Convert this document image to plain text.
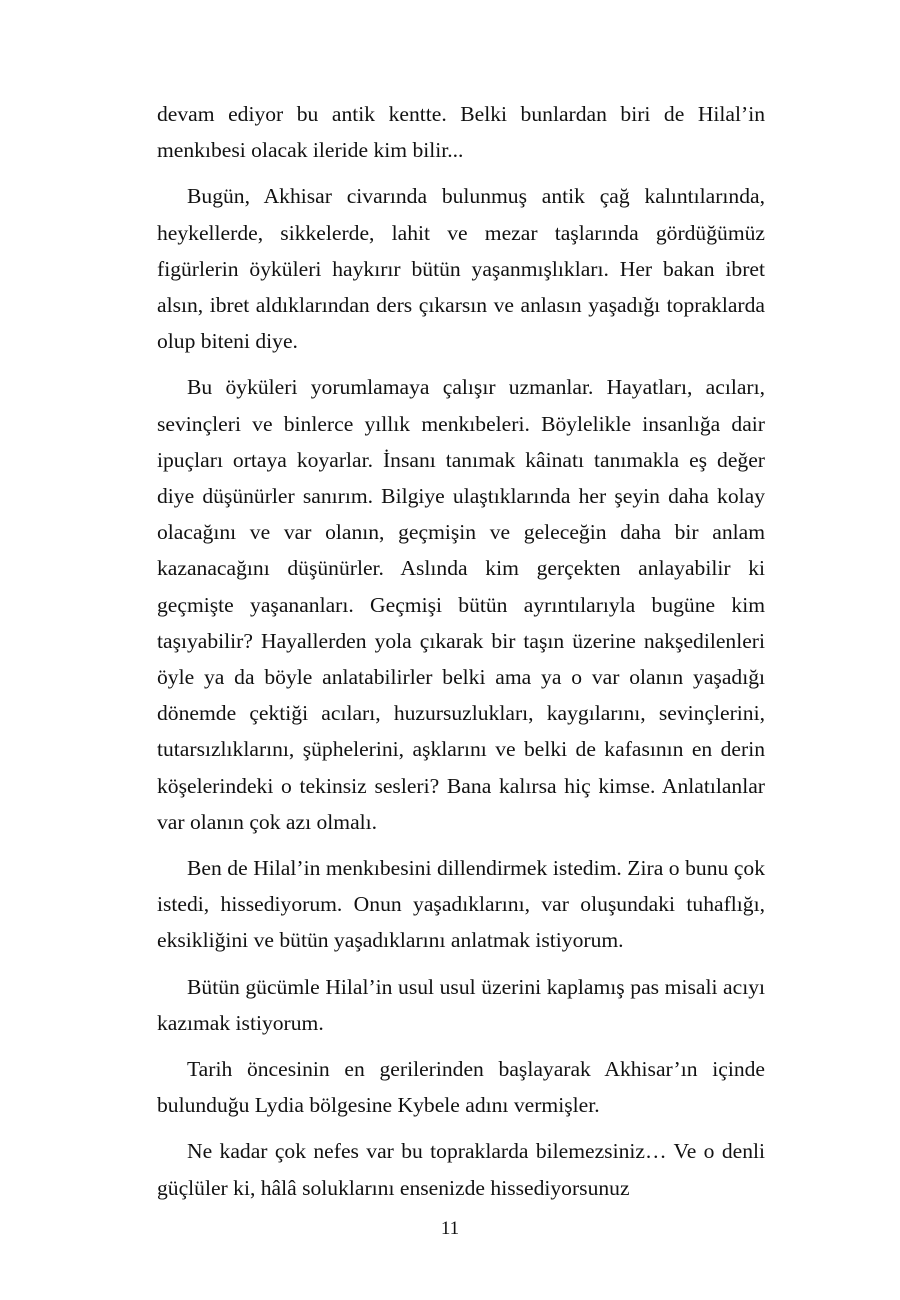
devam ediyor bu antik kentte. Belki bunlardan biri de Hilal’in menkıbesi olacak ileride kim bilir...

Bugün, Akhisar civarında bulunmuş antik çağ kalıntılarında, heykellerde, sikkelerde, lahit ve mezar taşlarında gördüğümüz figürlerin öyküleri haykırır bütün yaşanmışlıkları. Her bakan ibret alsın, ibret aldıklarından ders çıkarsın ve anlasın yaşadığı topraklarda olup biteni diye.

Bu öyküleri yorumlamaya çalışır uzmanlar. Hayatları, acıları, sevinçleri ve binlerce yıllık menkıbeleri. Böylelikle insanlığa dair ipuçları ortaya koyarlar. İnsanı tanımak kâinatı tanımakla eş değer diye düşünürler sanırım. Bilgiye ulaştıklarında her şeyin daha kolay olacağını ve var olanın, geçmişin ve geleceğin daha bir anlam kazanacağını düşünürler. Aslında kim gerçekten anlayabilir ki geçmişte yaşananları. Geçmişi bütün ayrıntılarıyla bugüne kim taşıyabilir? Hayallerden yola çıkarak bir taşın üzerine nakşedilenleri öyle ya da böyle anlatabilirler belki ama ya o var olanın yaşadığı dönemde çektiği acıları, huzursuzlukları, kaygılarını, sevinçlerini, tutarsızlıklarını, şüphelerini, aşklarını ve belki de kafasının en derin köşelerindeki o tekinsiz sesleri? Bana kalırsa hiç kimse. Anlatılanlar var olanın çok azı olmalı.

Ben de Hilal’in menkıbesini dillendirmek istedim. Zira o bunu çok istedi, hissediyorum. Onun yaşadıklarını, var oluşundaki tuhaflığı, eksikliğini ve bütün yaşadıklarını anlatmak istiyorum.

Bütün gücümle Hilal’in usul usul üzerini kaplamış pas misali acıyı kazımak istiyorum.

Tarih öncesinin en gerilerinden başlayarak Akhisar’ın içinde bulunduğu Lydia bölgesine Kybele adını vermişler.

Ne kadar çok nefes var bu topraklarda bilemezsiniz… Ve o denli güçlüler ki, hâlâ soluklarını ensenizde hissediyorsunuz

11
